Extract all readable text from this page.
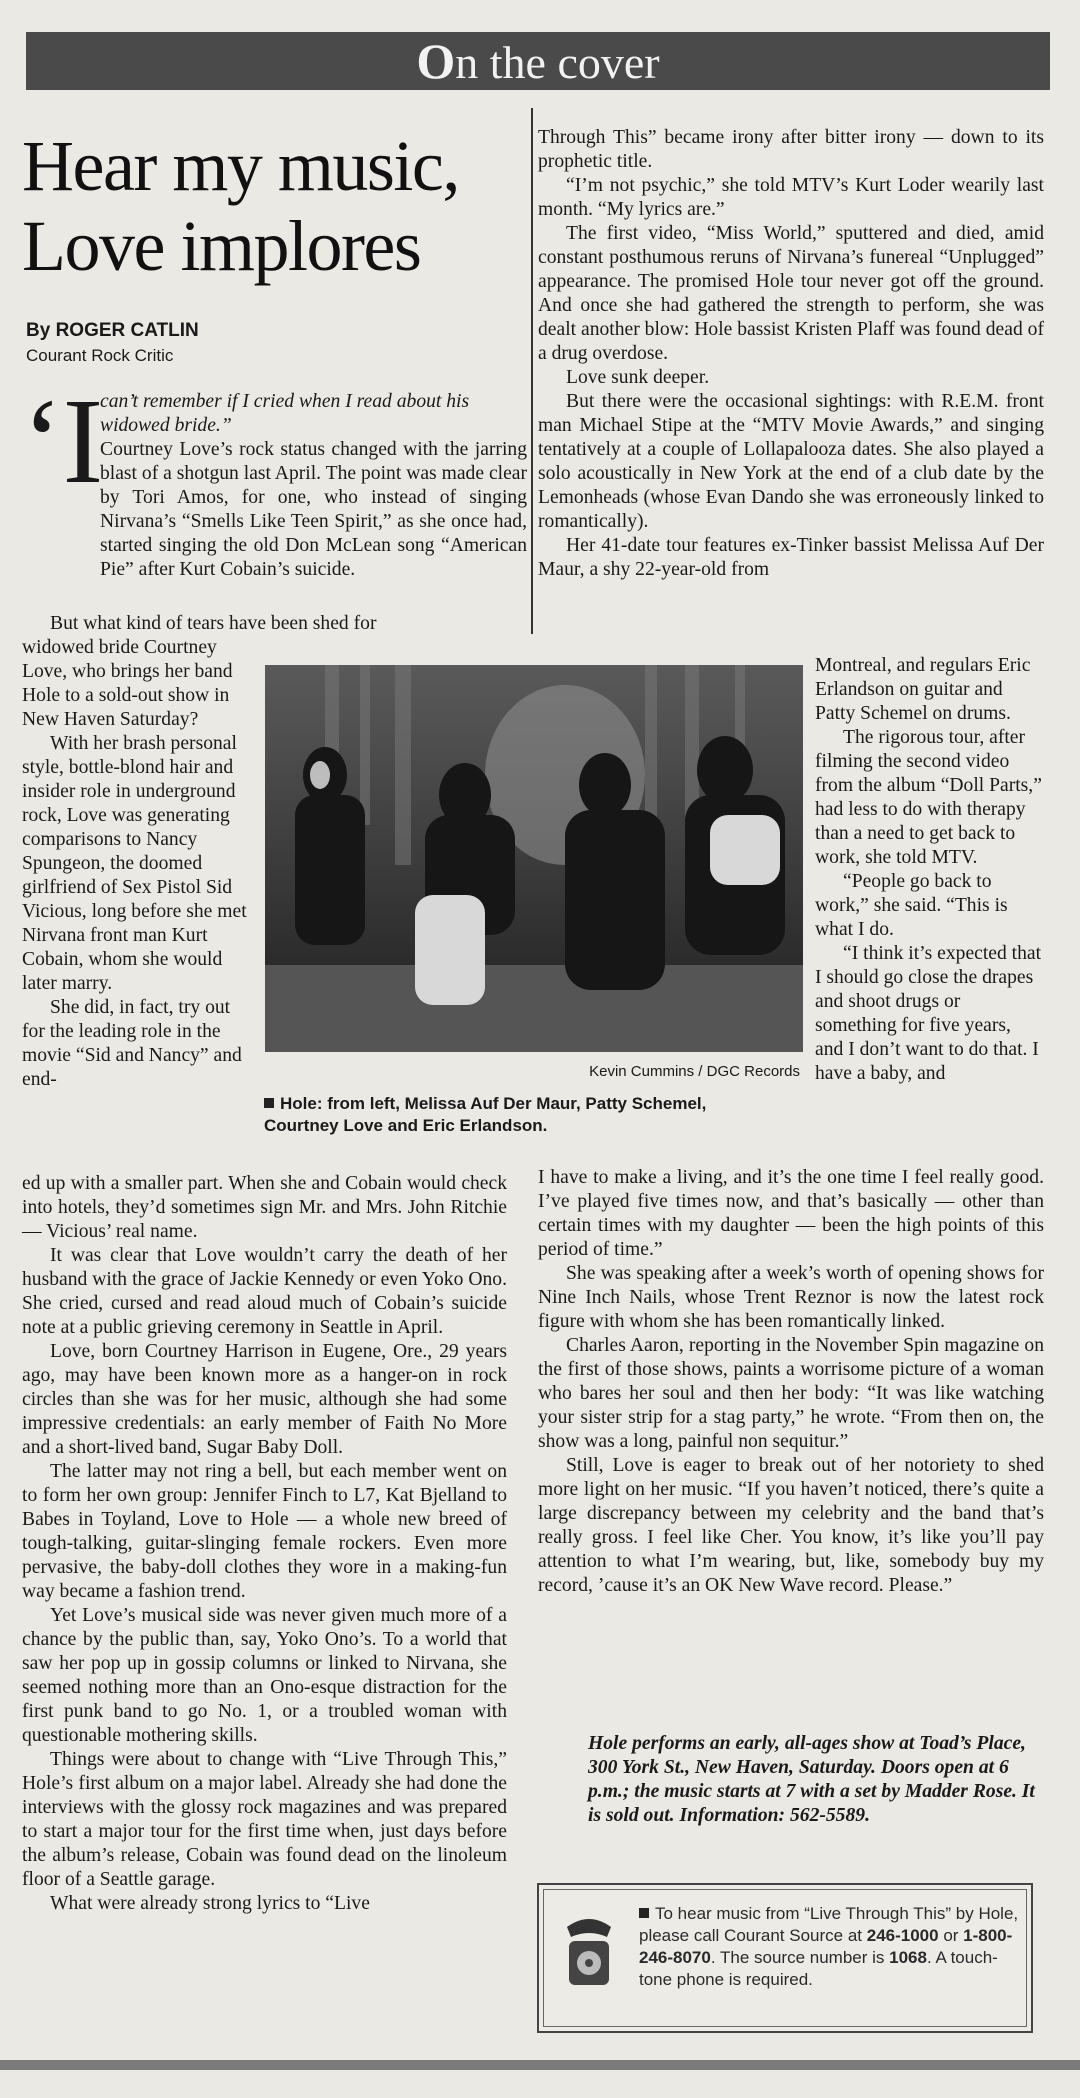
On the cover
Hear my music,
Love implores
By ROGER CATLIN
Courant Rock Critic
‘I
can’t remember if I cried when I read about his
widowed bride.”

Courtney Love’s rock status changed with the jarring blast of a shotgun last April. The point was made clear by Tori Amos, for one, who instead of singing Nirvana’s “Smells Like Teen Spirit,” as she once had, started singing the old Don McLean song “American Pie” after Kurt Cobain’s suicide.

But what kind of tears have been shed for

widowed bride Courtney Love, who brings her band Hole to a sold-out show in New Haven Saturday?

With her brash personal style, bottle-blond hair and insider role in underground rock, Love was generating comparisons to Nancy Spungeon, the doomed girlfriend of Sex Pistol Sid Vicious, long before she met Nirvana front man Kurt Cobain, whom she would later marry.

She did, in fact, try out for the leading role in the movie “Sid and Nancy” and end-

ed up with a smaller part. When she and Cobain would check into hotels, they’d sometimes sign Mr. and Mrs. John Ritchie — Vicious’ real name.

It was clear that Love wouldn’t carry the death of her husband with the grace of Jackie Kennedy or even Yoko Ono. She cried, cursed and read aloud much of Cobain’s suicide note at a public grieving ceremony in Seattle in April.

Love, born Courtney Harrison in Eugene, Ore., 29 years ago, may have been known more as a hanger-on in rock circles than she was for her music, although she had some impressive credentials: an early member of Faith No More and a short-lived band, Sugar Baby Doll.

The latter may not ring a bell, but each member went on to form her own group: Jennifer Finch to L7, Kat Bjelland to Babes in Toyland, Love to Hole — a whole new breed of tough-talking, guitar-slinging female rockers. Even more pervasive, the baby-doll clothes they wore in a making-fun way became a fashion trend.

Yet Love’s musical side was never given much more of a chance by the public than, say, Yoko Ono’s. To a world that saw her pop up in gossip columns or linked to Nirvana, she seemed nothing more than an Ono-esque distraction for the first punk band to go No. 1, or a troubled woman with questionable mothering skills.

Things were about to change with “Live Through This,” Hole’s first album on a major label. Already she had done the interviews with the glossy rock magazines and was prepared to start a major tour for the first time when, just days before the album’s release, Cobain was found dead on the linoleum floor of a Seattle garage.

What were already strong lyrics to “Live

Through This” became irony after bitter irony — down to its prophetic title.

“I’m not psychic,” she told MTV’s Kurt Loder wearily last month. “My lyrics are.”

The first video, “Miss World,” sputtered and died, amid constant posthumous reruns of Nirvana’s funereal “Unplugged” appearance. The promised Hole tour never got off the ground. And once she had gathered the strength to perform, she was dealt another blow: Hole bassist Kristen Plaff was found dead of a drug overdose.

Love sunk deeper.

But there were the occasional sightings: with R.E.M. front man Michael Stipe at the “MTV Movie Awards,” and singing tentatively at a couple of Lollapalooza dates. She also played a solo acoustically in New York at the end of a club date by the Lemonheads (whose Evan Dando she was erroneously linked to romantically).

Her 41-date tour features ex-Tinker bassist Melissa Auf Der Maur, a shy 22-year-old from

Montreal, and regulars Eric Erlandson on guitar and Patty Schemel on drums.

The rigorous tour, after filming the second video from the album “Doll Parts,” had less to do with therapy than a need to get back to work, she told MTV.

“People go back to work,” she said. “This is what I do.

“I think it’s expected that I should go close the drapes and shoot drugs or something for five years, and I don’t want to do that. I have a baby, and

Kevin Cummins / DGC Records
Hole: from left, Melissa Auf Der Maur, Patty Schemel, Courtney Love and Eric Erlandson.

I have to make a living, and it’s the one time I feel really good. I’ve played five times now, and that’s basically — other than certain times with my daughter — been the high points of this period of time.”

She was speaking after a week’s worth of opening shows for Nine Inch Nails, whose Trent Reznor is now the latest rock figure with whom she has been romantically linked.

Charles Aaron, reporting in the November Spin magazine on the first of those shows, paints a worrisome picture of a woman who bares her soul and then her body: “It was like watching your sister strip for a stag party,” he wrote. “From then on, the show was a long, painful non sequitur.”

Still, Love is eager to break out of her notoriety to shed more light on her music. “If you haven’t noticed, there’s quite a large discrepancy between my celebrity and the band that’s really gross. I feel like Cher. You know, it’s like you’ll pay attention to what I’m wearing, but, like, somebody buy my record, ’cause it’s an OK New Wave record. Please.”

Hole performs an early, all-ages show at Toad’s Place, 300 York St., New Haven, Saturday. Doors open at 6 p.m.; the music starts at 7 with a set by Madder Rose. It is sold out. Information: 562-5589.

To hear music from “Live Through This” by Hole, please call Courant Source at 246-1000 or 1-800-246-8070. The source number is 1068. A touch-tone phone is required.
